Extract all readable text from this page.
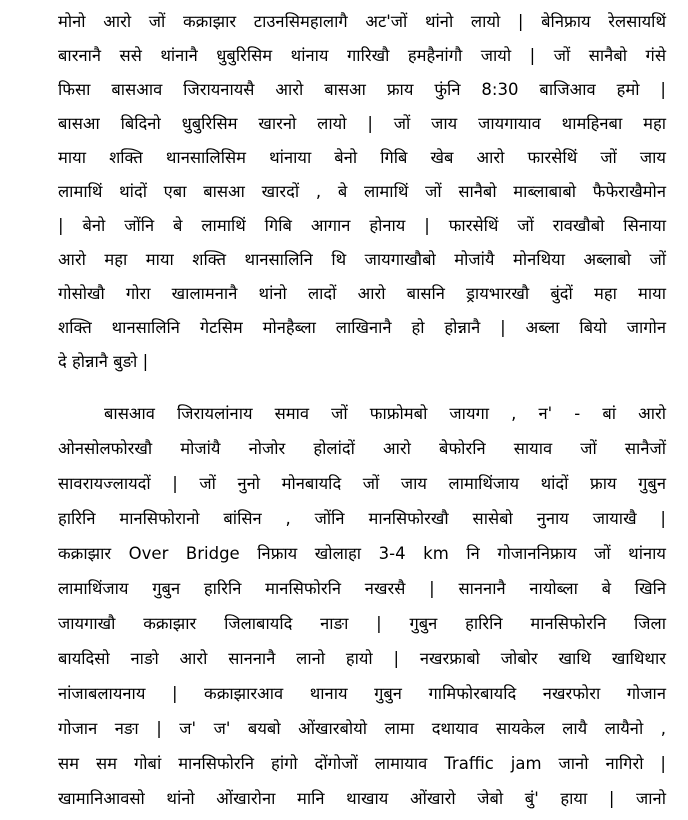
मोनो आरो जों कक्राझार टाउनसिमहालागै अट'जों थांनो लायो | बेनिफ्राय रेलसायथिं

बारनानै ससे थांनानै धुबुरिसिम थांनाय गारिखौ हमहैनांगौ जायो | जों सानैबो गंसे

फिसा बासआव जिरायनायसै आरो बासआ फ्राय फुंनि 8:30 बाजिआव हमो |

बासआ बिदिनो धुबुरिसिम खारनो लायो | जों जाय जायगायाव थामहिनबा महा

माया शक्ति थानसालिसिम थांनाया बेनो गिबि खेब आरो फारसेथिं जों जाय

लामाथिं थांदों एबा बासआ खारदों , बे लामाथिं जों सानैबो माब्लाबाबो फैफेराखैमोन

| बेनो जोंनि बे लामाथिं गिबि आगान होनाय | फारसेथिं जों रावखौबो सिनाया

आरो महा माया शक्ति थानसालिनि थि जायगाखौबो मोजांयै मोनथिया अब्लाबो जों

गोसोखौ गोरा खालामनानै थांनो लादों आरो बासनि ड्रायभारखौ बुंदों महा माया

शक्ति थानसालिनि गेटसिम मोनहैब्ला लाखिनानै हो होन्नानै | अब्ला बियो जागोन

दे होन्नानै बुङो |

बासआव जिरायलांनाय समाव जों फाफ्रोमबो जायगा , न' - बां आरो

ओनसोलफोरखौ मोजांयै नोजोर होलांदों आरो बेफोरनि सायाव जों सानैजों

सावरायज्लायदों | जों नुनो मोनबायदि जों जाय लामाथिंजाय थांदों फ्राय गुबुन

हारिनि मानसिफोरानो बांसिन , जोंनि मानसिफोरखौ सासेबो नुनाय जायाखै |

कक्राझार Over Bridge निफ्राय खोलाहा 3-4 km नि गोजाननिफ्राय जों थांनाय

लामाथिंजाय गुबुन हारिनि मानसिफोरनि नखरसै | साननानै नायोब्ला बे खिनि

जायगाखौ कक्राझार जिलाबायदि नाङा | गुबुन हारिनि मानसिफोरनि जिला

बायदिसो नाङो आरो साननानै लानो हायो | नखरफ्राबो जोबोर खाथि खाथिथार

नांजाबलायनाय | कक्राझारआव थानाय गुबुन गामिफोरबायदि नखरफोरा गोजान

गोजान नङा | ज' ज' बयबो ओंखारबोयो लामा दथायाव सायकेल लायै लायैनो ,

सम सम गोबां मानसिफोरनि हांगो दोंगोजों लामायाव Traffic jam जानो नागिरो |

खामानिआवसो थांनो ओंखारोना मानि थाखाय ओंखारो जेबो बुं' हाया | जानो
